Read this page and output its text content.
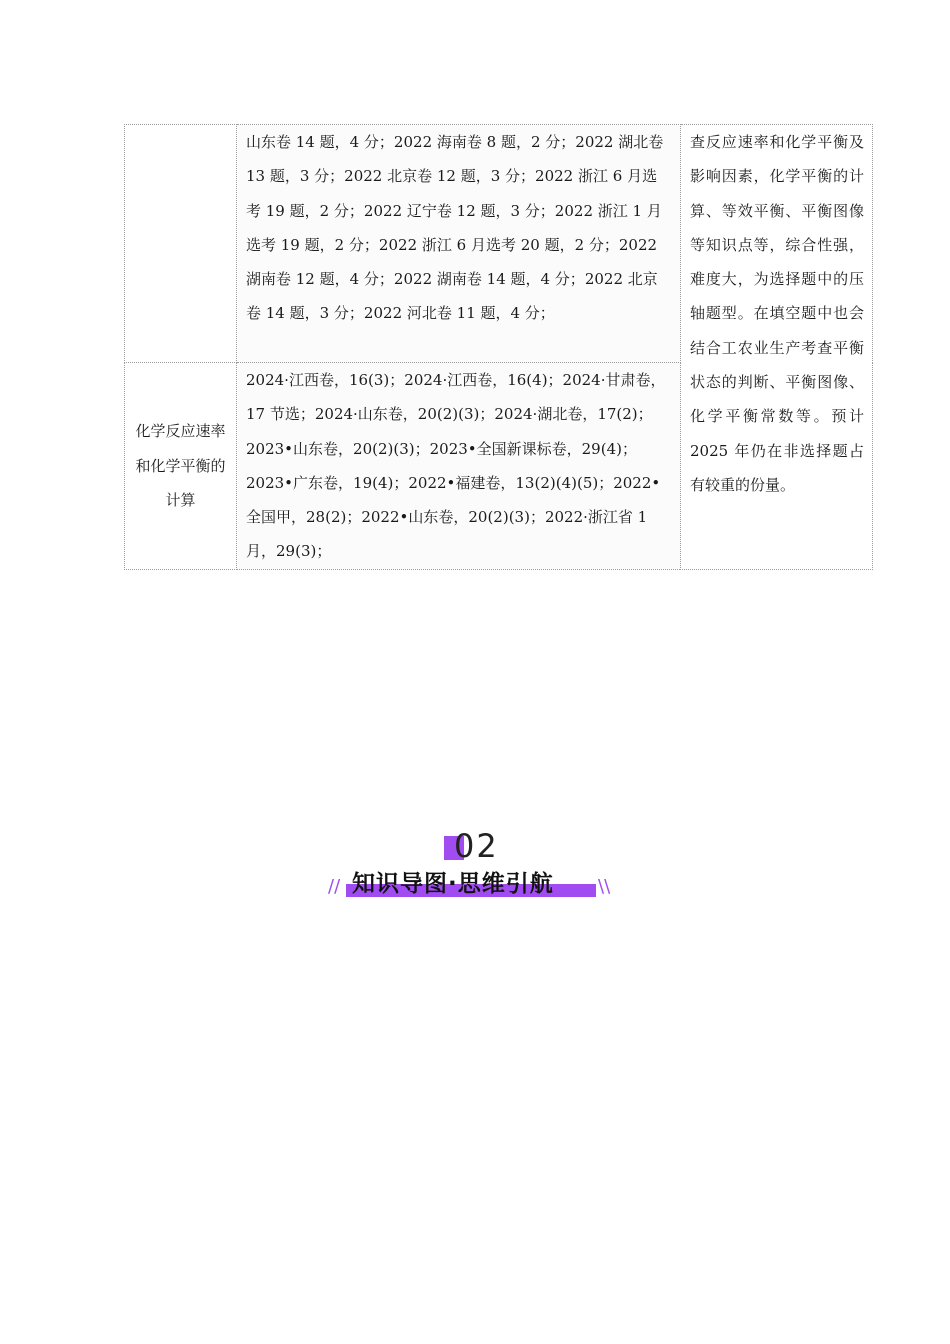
	山东卷 14 题，4 分；2022 海南卷 8 题，2 分；2022 湖北卷 13 题，3 分；2022 北京卷 12 题，3 分；2022 浙江 6 月选考 19 题，2 分；2022 辽宁卷 12 题，3 分；2022 浙江 1 月选考 19 题，2 分；2022 浙江 6 月选考 20 题，2 分；2022 湖南卷 12 题，4 分；2022 湖南卷 14 题，4 分；2022 北京卷 14 题，3 分；2022 河北卷 11 题，4 分；	查反应速率和化学平衡及影响因素，化学平衡的计算、等效平衡、平衡图像等知识点等，综合性强，难度大，为选择题中的压轴题型。在填空题中也会结合工农业生产考查平衡状态的判断、平衡图像、化学平衡常数等。预计 2025 年仍在非选择题占有较重的份量。
化学反应速率和化学平衡的计算	2024·江西卷，16(3)；2024·江西卷，16(4)；2024·甘肃卷，17 节选；2024·山东卷，20(2)(3)；2024·湖北卷，17(2)；2023•山东卷，20(2)(3)；2023•全国新课标卷，29(4)；2023•广东卷，19(4)；2022•福建卷，13(2)(4)(5)；2022•全国甲，28(2)；2022•山东卷，20(2)(3)；2022·浙江省 1 月，29(3)；	
02
// 知识导图·思维引航 \\
